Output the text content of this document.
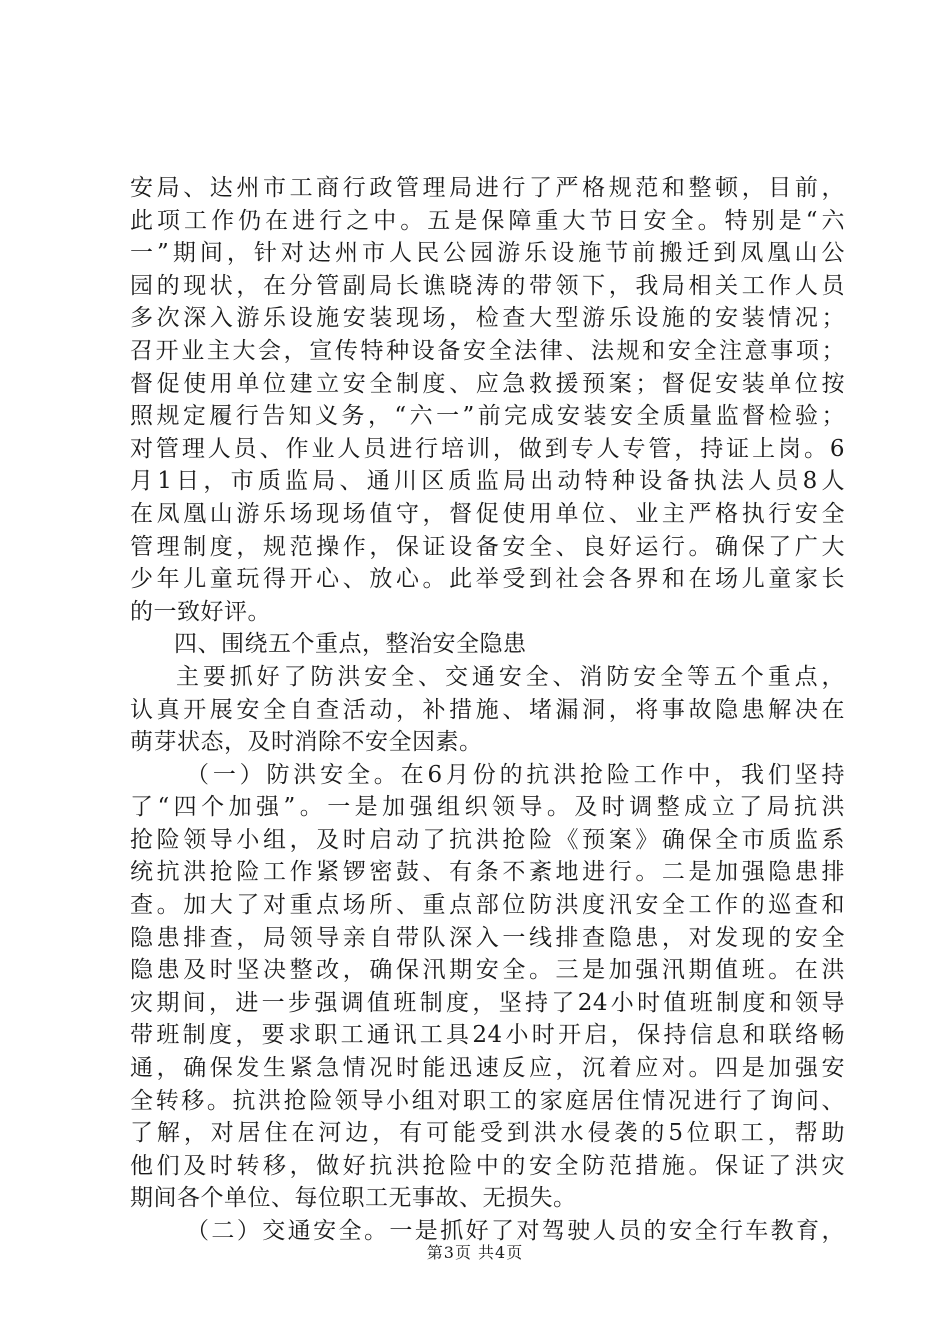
安局、达州市工商行政管理局进行了严格规范和整顿，目前，
此项工作仍在进行之中。五是保障重大节日安全。特别是“六
一”期间，针对达州市人民公园游乐设施节前搬迁到凤凰山公
园的现状，在分管副局长谯晓涛的带领下，我局相关工作人员
多次深入游乐设施安装现场，检查大型游乐设施的安装情况；
召开业主大会，宣传特种设备安全法律、法规和安全注意事项；
督促使用单位建立安全制度、应急救援预案；督促安装单位按
照规定履行告知义务，“六一”前完成安装安全质量监督检验；
对管理人员、作业人员进行培训，做到专人专管，持证上岗。6
月1日，市质监局、通川区质监局出动特种设备执法人员8人
在凤凰山游乐场现场值守，督促使用单位、业主严格执行安全
管理制度，规范操作，保证设备安全、良好运行。确保了广大
少年儿童玩得开心、放心。此举受到社会各界和在场儿童家长
的一致好评。
四、围绕五个重点，整治安全隐患
主要抓好了防洪安全、交通安全、消防安全等五个重点，
认真开展安全自查活动，补措施、堵漏洞，将事故隐患解决在
萌芽状态，及时消除不安全因素。
（一）防洪安全。在6月份的抗洪抢险工作中，我们坚持
了“四个加强”。一是加强组织领导。及时调整成立了局抗洪
抢险领导小组，及时启动了抗洪抢险《预案》确保全市质监系
统抗洪抢险工作紧锣密鼓、有条不紊地进行。二是加强隐患排
查。加大了对重点场所、重点部位防洪度汛安全工作的巡查和
隐患排查，局领导亲自带队深入一线排查隐患，对发现的安全
隐患及时坚决整改，确保汛期安全。三是加强汛期值班。在洪
灾期间，进一步强调值班制度，坚持了24小时值班制度和领导
带班制度，要求职工通讯工具24小时开启，保持信息和联络畅
通，确保发生紧急情况时能迅速反应，沉着应对。四是加强安
全转移。抗洪抢险领导小组对职工的家庭居住情况进行了询问、
了解，对居住在河边，有可能受到洪水侵袭的5位职工，帮助
他们及时转移，做好抗洪抢险中的安全防范措施。保证了洪灾
期间各个单位、每位职工无事故、无损失。
（二）交通安全。一是抓好了对驾驶人员的安全行车教育，
第3页 共4页
